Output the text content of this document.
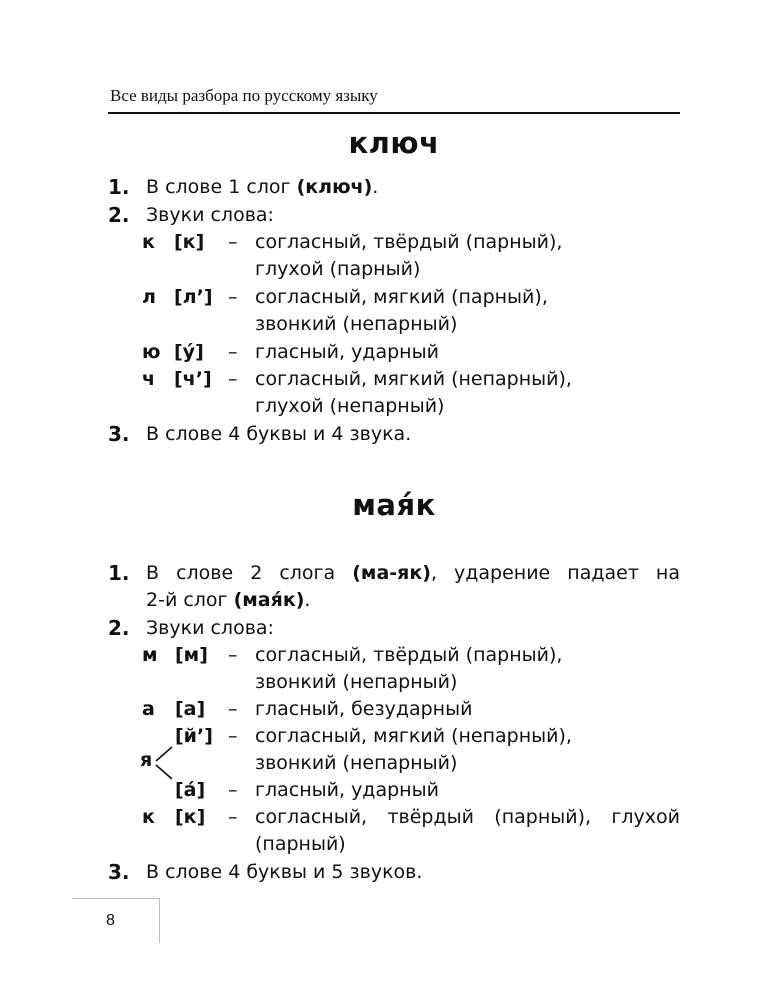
Все виды разбора по русскому языку
ключ
1. В слове 1 слог (ключ).
2. Звуки слова:
к [к] – согласный, твёрдый (парный),
глухой (парный)
л [л’] – согласный, мягкий (парный),
звонкий (непарный)
ю [у́] – гласный, ударный
ч [ч’] – согласный, мягкий (непарный),
глухой (непарный)
3. В слове 4 буквы и 4 звука.
мая́к
1. В слове 2 слога (ма-як), ударение падает на
2-й слог (мая́к).
2. Звуки слова:
м [м] – согласный, твёрдый (парный),
звонкий (непарный)
а [а] – гласный, безударный
[й’] – согласный, мягкий (непарный),
звонкий (непарный)
я
[а́] – гласный, ударный
к [к] – согласный, твёрдый (парный), глухой
(парный)
3. В слове 4 буквы и 5 звуков.
8
